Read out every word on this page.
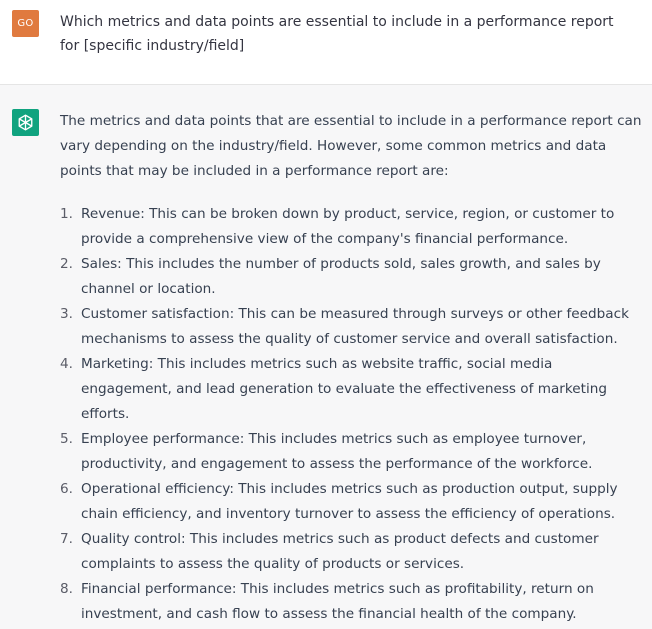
GO	Which metrics and data points are essential to include in a performance report for [specific industry/field]

The metrics and data points that are essential to include in a performance report can vary depending on the industry/field. However, some common metrics and data points that may be included in a performance report are:

1. Revenue: This can be broken down by product, service, region, or customer to provide a comprehensive view of the company's financial performance.
2. Sales: This includes the number of products sold, sales growth, and sales by channel or location.
3. Customer satisfaction: This can be measured through surveys or other feedback mechanisms to assess the quality of customer service and overall satisfaction.
4. Marketing: This includes metrics such as website traffic, social media engagement, and lead generation to evaluate the effectiveness of marketing efforts.
5. Employee performance: This includes metrics such as employee turnover, productivity, and engagement to assess the performance of the workforce.
6. Operational efficiency: This includes metrics such as production output, supply chain efficiency, and inventory turnover to assess the efficiency of operations.
7. Quality control: This includes metrics such as product defects and customer complaints to assess the quality of products or services.
8. Financial performance: This includes metrics such as profitability, return on investment, and cash flow to assess the financial health of the company.
